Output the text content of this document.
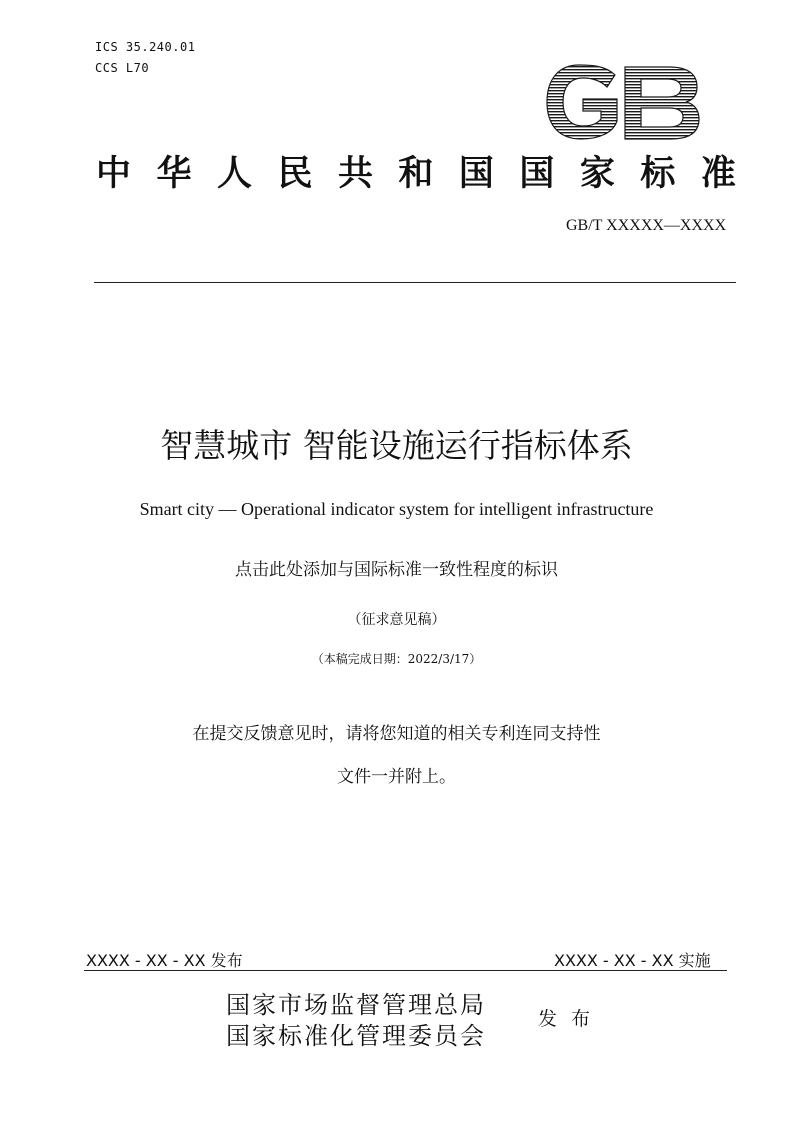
ICS 35.240.01
CCS L70
中 华 人 民 共 和 国 国 家 标 准
GB/T XXXXX—XXXX
智慧城市 智能设施运行指标体系
Smart city — Operational indicator system for intelligent infrastructure
点击此处添加与国际标准一致性程度的标识
（征求意见稿）
（本稿完成日期：2022/3/17）
在提交反馈意见时，请将您知道的相关专利连同支持性
文件一并附上。
XXXX - XX - XX 发布	XXXX - XX - XX 实施
国家市场监督管理总局
国家标准化管理委员会
发 布
